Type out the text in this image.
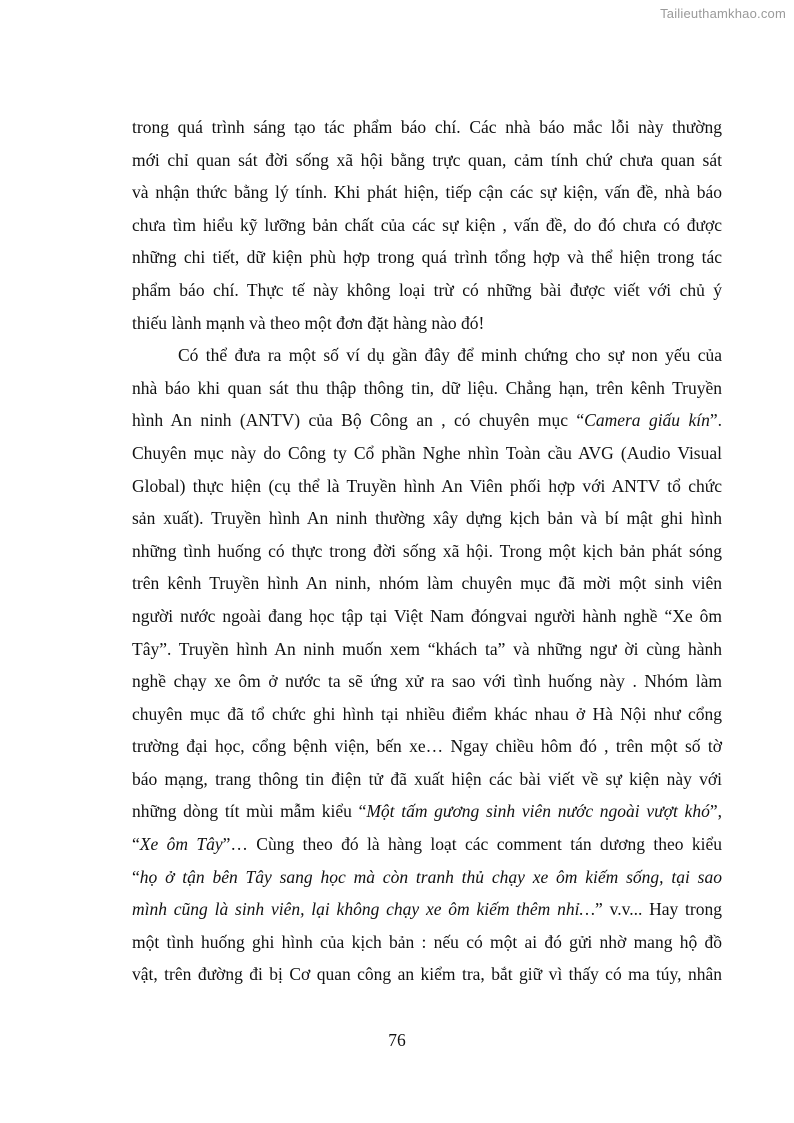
Tailieuthamkhao.com
trong quá trình sáng tạo tác phẩm báo chí. Các nhà báo mắc lỗi này thường
mới chỉ quan sát đời sống xã hội bằng trực quan, cảm tính chứ chưa quan sát
và nhận thức bằng lý tính. Khi phát hiện, tiếp cận các sự kiện, vấn đề, nhà báo
chưa tìm hiểu kỹ lưỡng bản chất của các sự kiện , vấn đề, do đó chưa có được
những chi tiết, dữ kiện phù hợp trong quá trình tổng hợp và thể hiện trong tác
phẩm báo chí. Thực tế này không loại trừ có những bài được viết với chủ ý
thiếu lành mạnh và theo một đơn đặt hàng nào đó!
Có thể đưa ra một số ví dụ gần đây để minh chứng cho sự non yếu của
nhà báo khi quan sát thu thập thông tin, dữ liệu. Chẳng hạn, trên kênh Truyền
hình An ninh (ANTV) của Bộ Công an , có chuyên mục “Camera giấu kín”.
Chuyên mục này do Công ty Cổ phần Nghe nhìn Toàn cầu AVG (Audio Visual
Global) thực hiện (cụ thể là Truyền hình An Viên phối hợp với ANTV tổ chức
sản xuất). Truyền hình An ninh thường xây dựng kịch bản và bí mật ghi hình
những tình huống có thực trong đời sống xã hội. Trong một kịch bản phát sóng
trên kênh Truyền hình An ninh, nhóm làm chuyên mục đã mời một sinh viên
người nước ngoài đang học tập tại Việt Nam đóngvai người hành nghề “Xe ôm
Tây”. Truyền hình An ninh muốn xem “khách ta” và những ngư ời cùng hành
nghề chạy xe ôm ở nước ta sẽ ứng xử ra sao với tình huống này . Nhóm làm
chuyên mục đã tổ chức ghi hình tại nhiều điểm khác nhau ở Hà Nội như cổng
trường đại học, cổng bệnh viện, bến xe… Ngay chiều hôm đó , trên một số tờ
báo mạng, trang thông tin điện tử đã xuất hiện các bài viết về sự kiện này với
những dòng tít mùi mẫm kiểu “Một tấm gương sinh viên nước ngoài vượt khó”,
“Xe ôm Tây”… Cùng theo đó là hàng loạt các comment tán dương theo kiểu
“họ ở tận bên Tây sang học mà còn tranh thủ chạy xe ôm kiếm sống, tại sao
mình cũng là sinh viên, lại không chạy xe ôm kiếm thêm nhỉ…” v.v... Hay trong
một tình huống ghi hình của kịch bản : nếu có một ai đó gửi nhờ mang hộ đồ
vật, trên đường đi bị Cơ quan công an kiểm tra, bắt giữ vì thấy có ma túy, nhân
76
